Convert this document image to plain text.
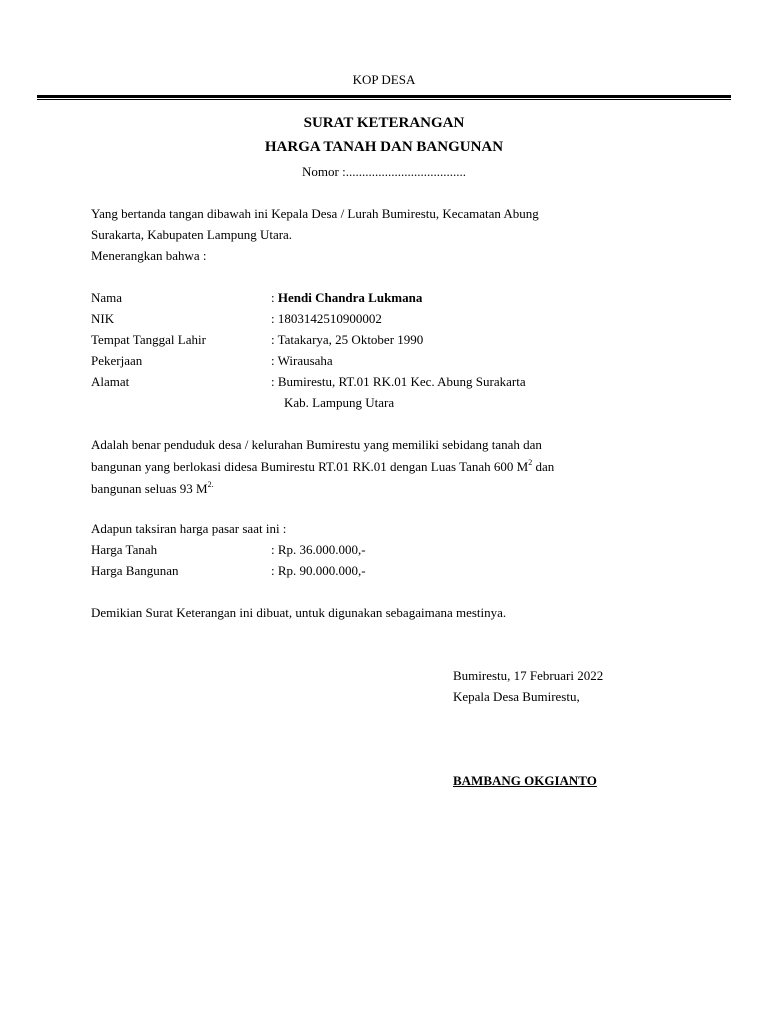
KOP DESA
SURAT KETERANGAN
HARGA TANAH DAN BANGUNAN
Nomor :.....................................
Yang bertanda tangan dibawah ini Kepala Desa / Lurah Bumirestu, Kecamatan Abung
Surakarta, Kabupaten Lampung Utara.
Menerangkan bahwa :
Nama	: Hendi Chandra Lukmana
NIK	: 1803142510900002
Tempat Tanggal Lahir	: Tatakarya, 25 Oktober 1990
Pekerjaan	: Wirausaha
Alamat	: Bumirestu, RT.01 RK.01 Kec. Abung Surakarta
Kab. Lampung Utara
Adalah benar penduduk desa / kelurahan Bumirestu yang memiliki sebidang tanah dan
bangunan yang berlokasi didesa Bumirestu RT.01 RK.01 dengan Luas Tanah 600 $M^2$ dan
bangunan seluas 93 $M^{2.}$
Adapun taksiran harga pasar saat ini :
Harga Tanah	: Rp. 36.000.000,-
Harga Bangunan	: Rp. 90.000.000,-
Demikian Surat Keterangan ini dibuat, untuk digunakan sebagaimana mestinya.
Bumirestu, 17 Februari 2022
Kepala Desa Bumirestu,
BAMBANG OKGIANTO
